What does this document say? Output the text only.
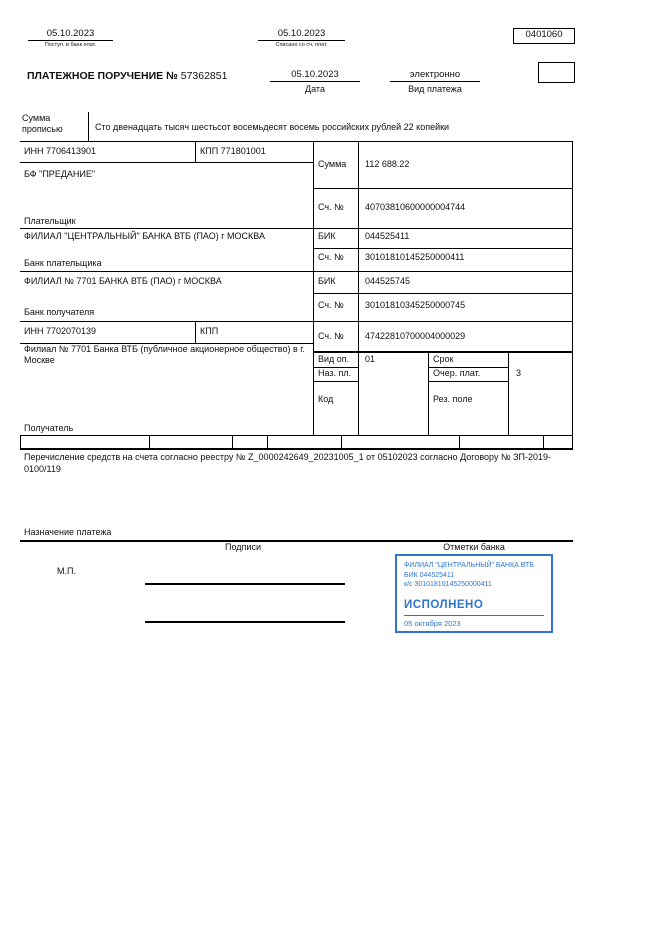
05.10.2023
Поступ. в банк плат.
05.10.2023
Списано со сч. плат.
0401060
ПЛАТЕЖНОЕ ПОРУЧЕНИЕ № 57362851	05.10.2023
Дата
электронно
Вид платежа
Сумма прописью	Сто двенадцать тысяч шестьсот восемьдесят восемь российских рублей 22 копейки
ИНН 7706413901	КПП 771801001
БФ "ПРЕДАНИЕ"
Плательщик
Сумма 112 688.22
Сч. № 40703810600000004744
ФИЛИАЛ "ЦЕНТРАЛЬНЫЙ" БАНКА ВТБ (ПАО) г МОСКВА	БИК	044525411
Банк плательщика
Сч. № 30101810145250000411
ФИЛИАЛ № 7701 БАНКА ВТБ (ПАО) г МОСКВА	БИК	044525745
Банк получателя
Сч. № 30101810345250000745
ИНН 7702070139	КПП	Сч. № 47422810700004000029
Филиал № 7701 Банка ВТБ (публичное акционерное общество) в г. Москве
Получатель
Вид оп. 01	Срок
Наз. пл.	Очер. плат.	3
Код	Рез. поле
Перечисление средств на счета согласно реестру № Z_0000242649_20231005_1 от 05102023 согласно Договору № ЗП-2019-0100/119
Назначение платежа
Подписи	Отметки банка
М.П.
ФИЛИАЛ "ЦЕНТРАЛЬНЫЙ" БАНКА ВТБ
БИК 044525411
к/с 30101810145250000411
ИСПОЛНЕНО
05 октября 2023
